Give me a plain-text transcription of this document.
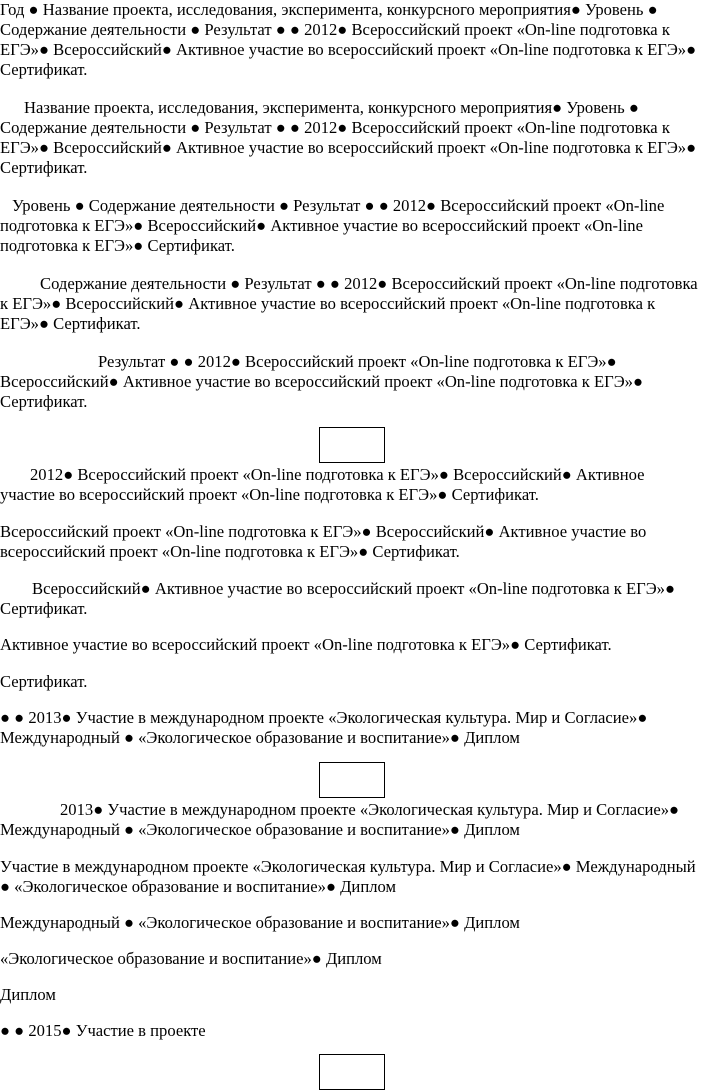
Год ● Название проекта, исследования, эксперимента, конкурсного мероприятия● Уровень ● Содержание деятельности ● Результат ● ● 2012● Всероссийский проект «On-line подготовка к ЕГЭ»● Всероссийский● Активное участие во всероссийский проект «On-line подготовка к ЕГЭ»● Сертификат.

Название проекта, исследования, эксперимента, конкурсного мероприятия● Уровень ● Содержание деятельности ● Результат ● ● 2012● Всероссийский проект «On-line подготовка к ЕГЭ»● Всероссийский● Активное участие во всероссийский проект «On-line подготовка к ЕГЭ»● Сертификат.

Уровень ● Содержание деятельности ● Результат ● ● 2012● Всероссийский проект «On-line подготовка к ЕГЭ»● Всероссийский● Активное участие во всероссийский проект «On-line подготовка к ЕГЭ»● Сертификат.

Содержание деятельности ● Результат ● ● 2012● Всероссийский проект «On-line подготовка к ЕГЭ»● Всероссийский● Активное участие во всероссийский проект «On-line подготовка к ЕГЭ»● Сертификат.

Результат ● ● 2012● Всероссийский проект «On-line подготовка к ЕГЭ»● Всероссийский● Активное участие во всероссийский проект «On-line подготовка к ЕГЭ»● Сертификат.

2012● Всероссийский проект «On-line подготовка к ЕГЭ»● Всероссийский● Активное участие во всероссийский проект «On-line подготовка к ЕГЭ»● Сертификат.

Всероссийский проект «On-line подготовка к ЕГЭ»● Всероссийский● Активное участие во всероссийский проект «On-line подготовка к ЕГЭ»● Сертификат.

Всероссийский● Активное участие во всероссийский проект «On-line подготовка к ЕГЭ»● Сертификат.

Активное участие во всероссийский проект «On-line подготовка к ЕГЭ»● Сертификат.

Сертификат.

● ● 2013● Участие в международном проекте «Экологическая культура. Мир и Согласие»● Международный ● «Экологическое образование и воспитание»● Диплом

2013● Участие в международном проекте «Экологическая культура. Мир и Согласие»● Международный ● «Экологическое образование и воспитание»● Диплом

Участие в международном проекте «Экологическая культура. Мир и Согласие»● Международный ● «Экологическое образование и воспитание»● Диплом

Международный ● «Экологическое образование и воспитание»● Диплом

«Экологическое образование и воспитание»● Диплом

Диплом

● ● 2015● Участие в проекте
